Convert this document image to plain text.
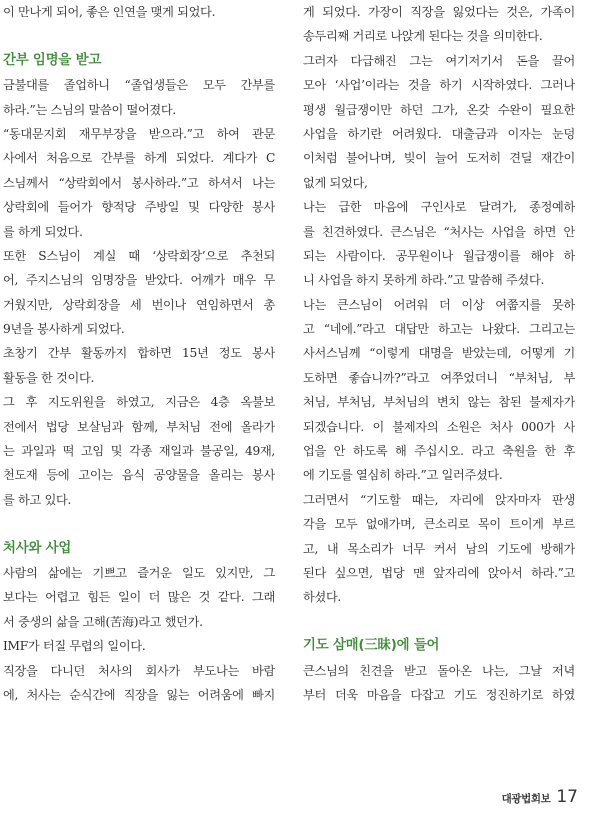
이 만나게 되어, 좋은 인연을 맺게 되었다.
간부 임명을 받고
금불대를 졸업하니 “졸업생들은 모두 간부를
하라.”는 스님의 말씀이 떨어졌다.
“동대문지회 재무부장을 받으라.”고 하여 관문
사에서 처음으로 간부를 하게 되었다. 계다가 C
스님께서 “상락회에서 봉사하라.”고 하셔서 나는
상락회에 들어가 향적당 주방일 및 다양한 봉사
를 하게 되었다.
또한 S스님이 계실 때 ‘상락회장’으로 추천되
어, 주지스님의 임명장을 받았다. 어깨가 매우 무
거웠지만, 상락회장을 세 번이나 연임하면서 총
9년을 봉사하게 되었다.
초창기 간부 활동까지 합하면 15년 정도 봉사
활동을 한 것이다.
그 후 지도위원을 하였고, 지금은 4층 옥불보
전에서 법당 보살님과 함께, 부처님 전에 올라가
는 과일과 떡 고임 및 각종 재일과 불공일, 49재,
천도재 등에 고이는 음식 공양물을 올리는 봉사
를 하고 있다.
처사와 사업
사람의 삶에는 기쁘고 즐거운 일도 있지만, 그
보다는 어렵고 힘든 일이 더 많은 것 같다. 그래
서 중생의 삶을 고해(苦海)라고 했던가.
IMF가 터질 무렵의 일이다.
직장을 다니던 처사의 회사가 부도나는 바람
에, 처사는 순식간에 직장을 잃는 어려움에 빠지
게 되었다. 가장이 직장을 잃었다는 것은, 가족이
송두리째 거리로 나앉게 된다는 것을 의미한다.
그러자 다급해진 그는 여기저기서 돈을 끌어
모아 ‘사업’이라는 것을 하기 시작하였다. 그러나
평생 월급쟁이만 하던 그가, 온갖 수완이 필요한
사업을 하기란 어려웠다. 대출금과 이자는 눈덩
이처럼 불어나며, 빚이 늘어 도저히 견딜 재간이
없게 되었다,
나는 급한 마음에 구인사로 달려가, 종정예하
를 친견하였다. 큰스님은 “처사는 사업을 하면 안
되는 사람이다. 공무원이나 월급쟁이를 해야 하
니 사업을 하지 못하게 하라.”고 말씀해 주셨다.
나는 큰스님이 어려워 더 이상 여쭙지를 못하
고 “네에.”라고 대답만 하고는 나왔다. 그리고는
사서스님께 “이렇게 대명을 받았는데, 어떻게 기
도하면 좋습니까?”라고 여쭈었더니 “부처님, 부
처님, 부처님, 부처님의 변치 않는 참된 불제자가
되겠습니다. 이 불제자의 소원은 처사 000가 사
업을 안 하도록 해 주십시오. 라고 축원을 한 후
에 기도를 열심히 하라.”고 일러주셨다.
그러면서 “기도할 때는, 자리에 앉자마자 판생
각을 모두 없애가며, 큰소리로 목이 트이게 부르
고, 내 목소리가 너무 커서 남의 기도에 방해가
된다 싶으면, 법당 맨 앞자리에 앉아서 하라.”고
하셨다.
기도 삼매(三昧)에 들어
큰스님의 친견을 받고 돌아온 나는, 그날 저녁
부터 더욱 마음을 다잡고 기도 정진하기로 하였
대광법회보 17
